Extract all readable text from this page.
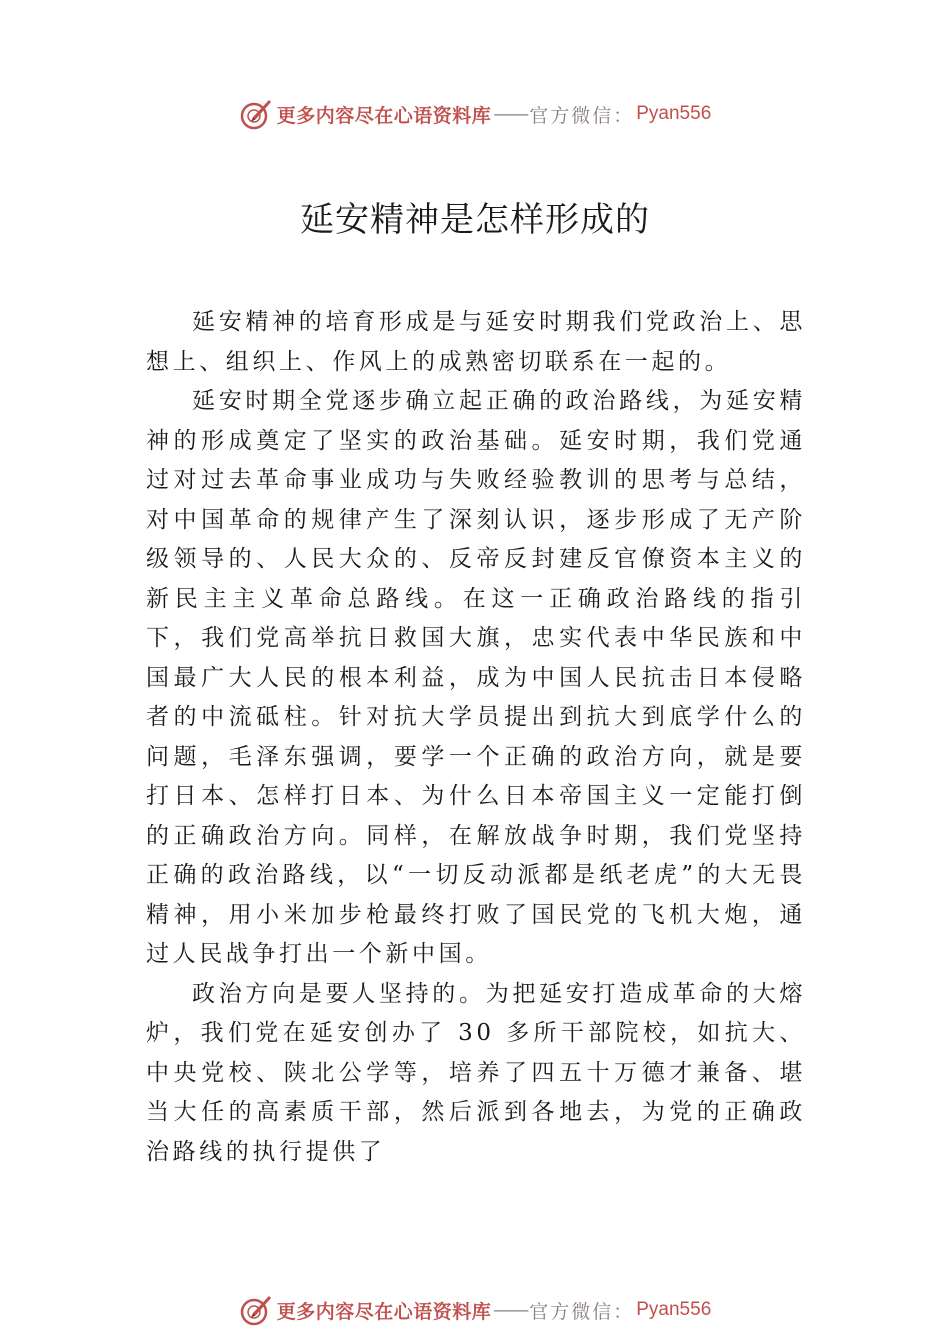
更多内容尽在心语资料库 —— 官方微信： Pyan556
延安精神是怎样形成的

延安精神的培育形成是与延安时期我们党政治上、思想上、组织上、作风上的成熟密切联系在一起的。

延安时期全党逐步确立起正确的政治路线，为延安精神的形成奠定了坚实的政治基础。延安时期，我们党通过对过去革命事业成功与失败经验教训的思考与总结，对中国革命的规律产生了深刻认识，逐步形成了无产阶级领导的、人民大众的、反帝反封建反官僚资本主义的新民主主义革命总路线。在这一正确政治路线的指引下，我们党高举抗日救国大旗，忠实代表中华民族和中国最广大人民的根本利益，成为中国人民抗击日本侵略者的中流砥柱。针对抗大学员提出到抗大到底学什么的问题，毛泽东强调，要学一个正确的政治方向，就是要打日本、怎样打日本、为什么日本帝国主义一定能打倒的正确政治方向。同样，在解放战争时期，我们党坚持正确的政治路线，以“一切反动派都是纸老虎”的大无畏精神，用小米加步枪最终打败了国民党的飞机大炮，通过人民战争打出一个新中国。

政治方向是要人坚持的。为把延安打造成革命的大熔炉，我们党在延安创办了 30 多所干部院校，如抗大、中央党校、陕北公学等，培养了四五十万德才兼备、堪当大任的高素质干部，然后派到各地去，为党的正确政治路线的执行提供了

更多内容尽在心语资料库 —— 官方微信： Pyan556
